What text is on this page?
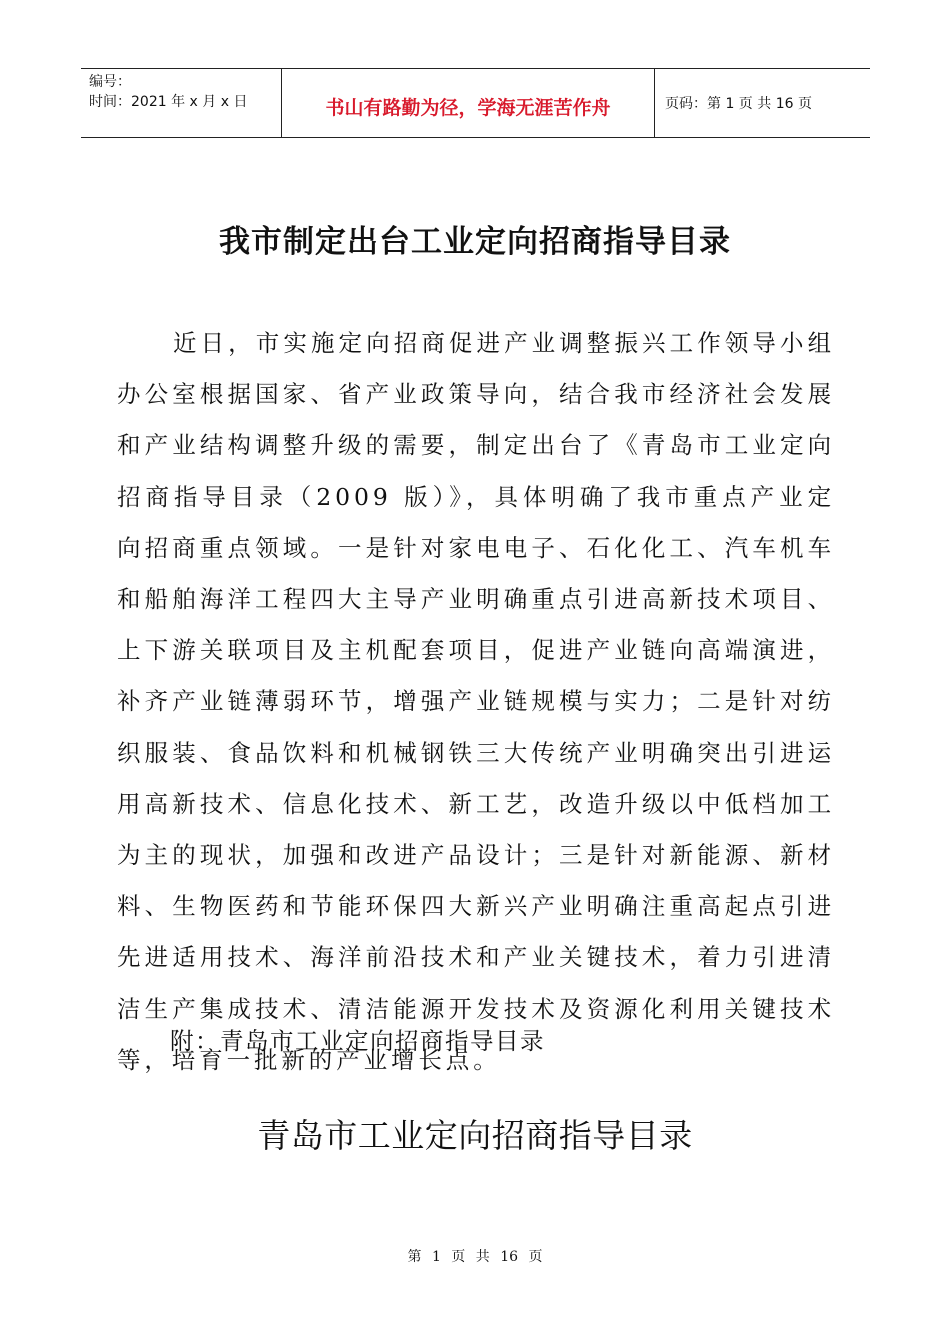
编号：
时间：2021 年 x 月 x 日	书山有路勤为径，学海无涯苦作舟	页码：第 1 页 共 16 页
我市制定出台工业定向招商指导目录

近日，市实施定向招商促进产业调整振兴工作领导小组办公室根据国家、省产业政策导向，结合我市经济社会发展和产业结构调整升级的需要，制定出台了《青岛市工业定向招商指导目录（2009 版）》，具体明确了我市重点产业定向招商重点领域。一是针对家电电子、石化化工、汽车机车和船舶海洋工程四大主导产业明确重点引进高新技术项目、上下游关联项目及主机配套项目，促进产业链向高端演进，补齐产业链薄弱环节，增强产业链规模与实力；二是针对纺织服装、食品饮料和机械钢铁三大传统产业明确突出引进运用高新技术、信息化技术、新工艺，改造升级以中低档加工为主的现状，加强和改进产品设计；三是针对新能源、新材料、生物医药和节能环保四大新兴产业明确注重高起点引进先进适用技术、海洋前沿技术和产业关键技术，着力引进清洁生产集成技术、清洁能源开发技术及资源化利用关键技术等，培育一批新的产业增长点。

附：青岛市工业定向招商指导目录
青岛市工业定向招商指导目录
第 1 页 共 16 页
